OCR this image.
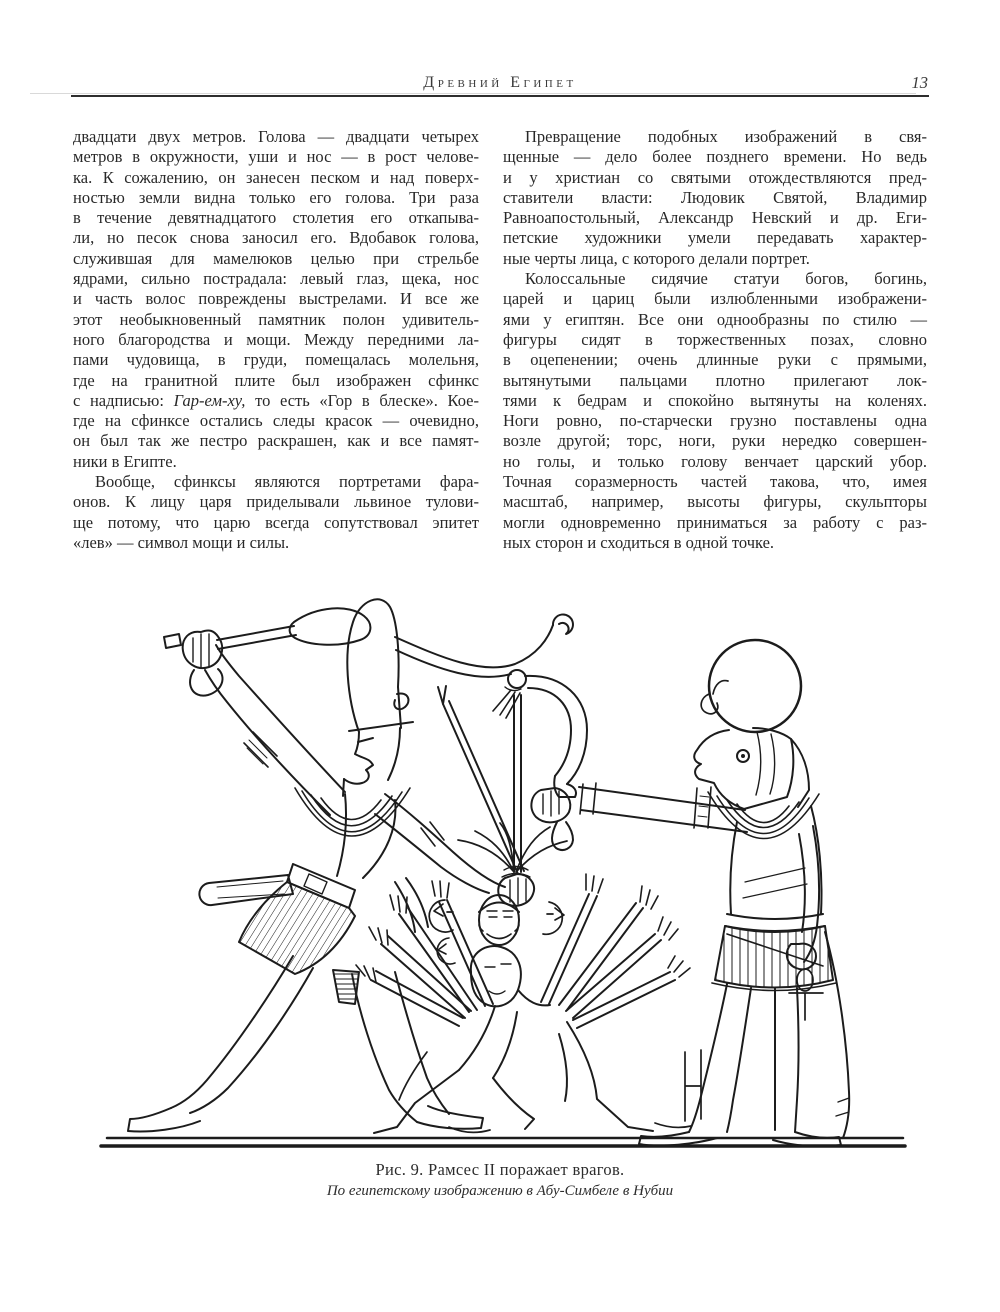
Древний Египет	13
двадцати двух метров. Голова — двадцати четырех
метров в окружности, уши и нос — в рост челове-
ка. К сожалению, он занесен песком и над поверх-
ностью земли видна только его голова. Три раза
в течение девятнадцатого столетия его откапыва-
ли, но песок снова заносил его. Вдобавок голова,
служившая для мамелюков целью при стрельбе
ядрами, сильно пострадала: левый глаз, щека, нос
и часть волос повреждены выстрелами. И все же
этот необыкновенный памятник полон удивитель-
ного благородства и мощи. Между передними ла-
пами чудовища, в груди, помещалась молельня,
где на гранитной плите был изображен сфинкс
с надписью: Гар-ем-ху, то есть «Гор в блеске». Кое-
где на сфинксе остались следы красок — очевидно,
он был так же пестро раскрашен, как и все памят-
ники в Египте.
Вообще, сфинксы являются портретами фара-
онов. К лицу царя приделывали львиное тулови-
ще потому, что царю всегда сопутствовал эпитет
«лев» — символ мощи и силы.
Превращение подобных изображений в свя-
щенные — дело более позднего времени. Но ведь
и у христиан со святыми отождествляются пред-
ставители власти: Людовик Святой, Владимир
Равноапостольный, Александр Невский и др. Еги-
петские художники умели передавать характер-
ные черты лица, с которого делали портрет.
Колоссальные сидячие статуи богов, богинь,
царей и цариц были излюбленными изображени-
ями у египтян. Все они однообразны по стилю —
фигуры сидят в торжественных позах, словно
в оцепенении; очень длинные руки с прямыми,
вытянутыми пальцами плотно прилегают лок-
тями к бедрам и спокойно вытянуты на коленях.
Ноги ровно, по-старчески грузно поставлены одна
возле другой; торс, ноги, руки нередко совершен-
но голы, и только голову венчает царский убор.
Точная соразмерность частей такова, что, имея
масштаб, например, высоты фигуры, скульпторы
могли одновременно приниматься за работу с раз-
ных сторон и сходиться в одной точке.
Рис. 9. Рамсес II поражает врагов.
По египетскому изображению в Абу-Симбеле в Нубии
